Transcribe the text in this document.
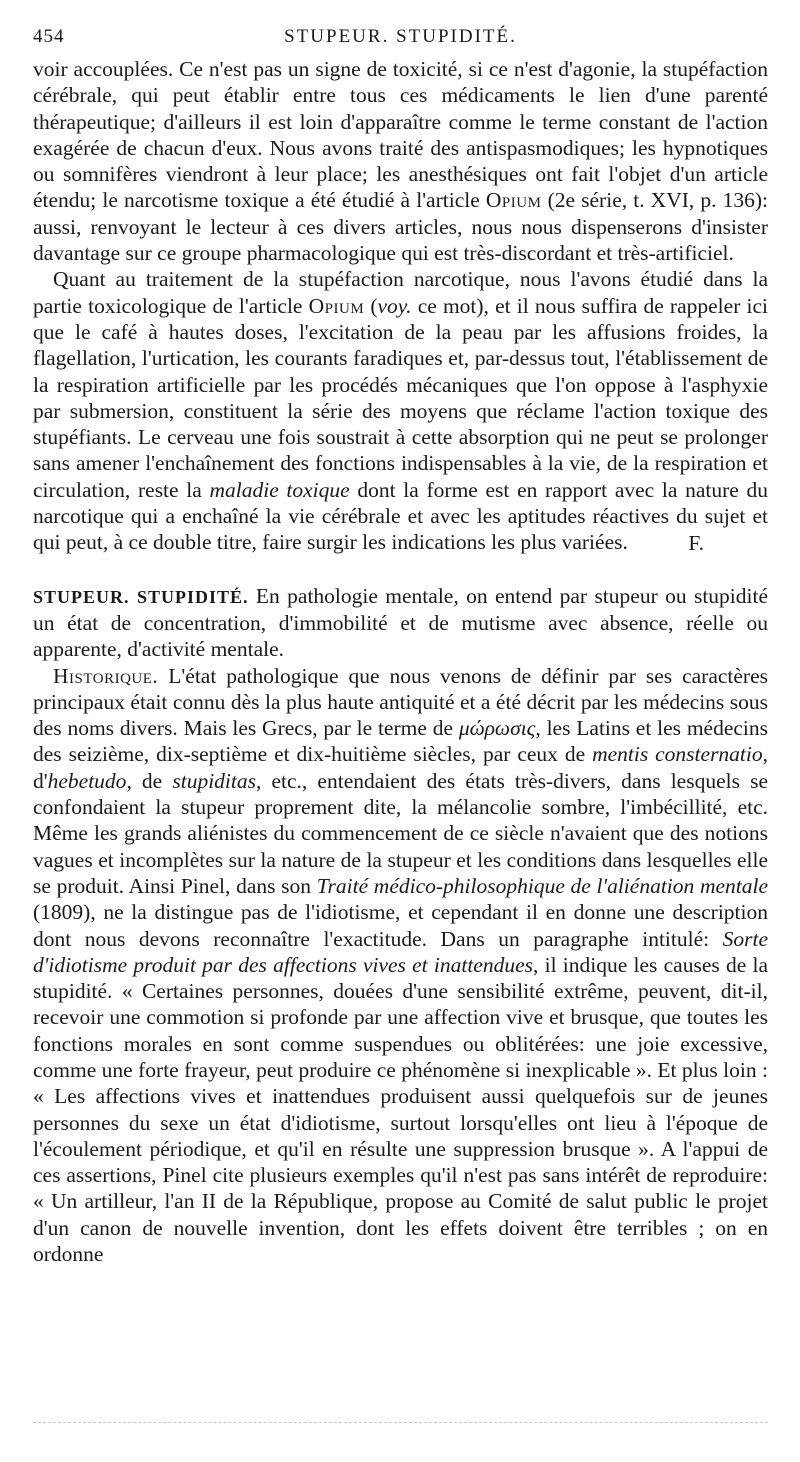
454	STUPEUR. STUPIDITÉ.

voir accouplées. Ce n'est pas un signe de toxicité, si ce n'est d'agonie, la stupéfaction cérébrale, qui peut établir entre tous ces médicaments le lien d'une parenté thérapeutique; d'ailleurs il est loin d'apparaître comme le terme constant de l'action exagérée de chacun d'eux. Nous avons traité des antispasmodiques; les hypnotiques ou somnifères viendront à leur place; les anesthésiques ont fait l'objet d'un article étendu; le narcotisme toxique a été étudié à l'article Opium (2e série, t. XVI, p. 136): aussi, renvoyant le lecteur à ces divers articles, nous nous dispenserons d'insister davantage sur ce groupe pharmacologique qui est très-discordant et très-artificiel.

Quant au traitement de la stupéfaction narcotique, nous l'avons étudié dans la partie toxicologique de l'article Opium (voy. ce mot), et il nous suffira de rappeler ici que le café à hautes doses, l'excitation de la peau par les affusions froides, la flagellation, l'urtication, les courants faradiques et, par-dessus tout, l'établissement de la respiration artificielle par les procédés mécaniques que l'on oppose à l'asphyxie par submersion, constituent la série des moyens que réclame l'action toxique des stupéfiants. Le cerveau une fois soustrait à cette absorption qui ne peut se prolonger sans amener l'enchaînement des fonctions indispensables à la vie, de la respiration et circulation, reste la maladie toxique dont la forme est en rapport avec la nature du narcotique qui a enchaîné la vie cérébrale et avec les aptitudes réactives du sujet et qui peut, à ce double titre, faire surgir les indications les plus variées.	F.

STUPEUR. STUPIDITÉ. En pathologie mentale, on entend par stupeur ou stupidité un état de concentration, d'immobilité et de mutisme avec absence, réelle ou apparente, d'activité mentale.

Historique. L'état pathologique que nous venons de définir par ses caractères principaux était connu dès la plus haute antiquité et a été décrit par les médecins sous des noms divers. Mais les Grecs, par le terme de μώρωσις, les Latins et les médecins des seizième, dix-septième et dix-huitième siècles, par ceux de mentis consternatio, d'hebetudo, de stupiditas, etc., entendaient des états très-divers, dans lesquels se confondaient la stupeur proprement dite, la mélancolie sombre, l'imbécillité, etc. Même les grands aliénistes du commencement de ce siècle n'avaient que des notions vagues et incomplètes sur la nature de la stupeur et les conditions dans lesquelles elle se produit. Ainsi Pinel, dans son Traité médico-philosophique de l'aliénation mentale (1809), ne la distingue pas de l'idiotisme, et cependant il en donne une description dont nous devons reconnaître l'exactitude. Dans un paragraphe intitulé: Sorte d'idiotisme produit par des affections vives et inattendues, il indique les causes de la stupidité. « Certaines personnes, douées d'une sensibilité extrême, peuvent, dit-il, recevoir une commotion si profonde par une affection vive et brusque, que toutes les fonctions morales en sont comme suspendues ou oblitérées: une joie excessive, comme une forte frayeur, peut produire ce phénomène si inexplicable ». Et plus loin : « Les affections vives et inattendues produisent aussi quelquefois sur de jeunes personnes du sexe un état d'idiotisme, surtout lorsqu'elles ont lieu à l'époque de l'écoulement périodique, et qu'il en résulte une suppression brusque ». A l'appui de ces assertions, Pinel cite plusieurs exemples qu'il n'est pas sans intérêt de reproduire: « Un artilleur, l'an II de la République, propose au Comité de salut public le projet d'un canon de nouvelle invention, dont les effets doivent être terribles ; on en ordonne
